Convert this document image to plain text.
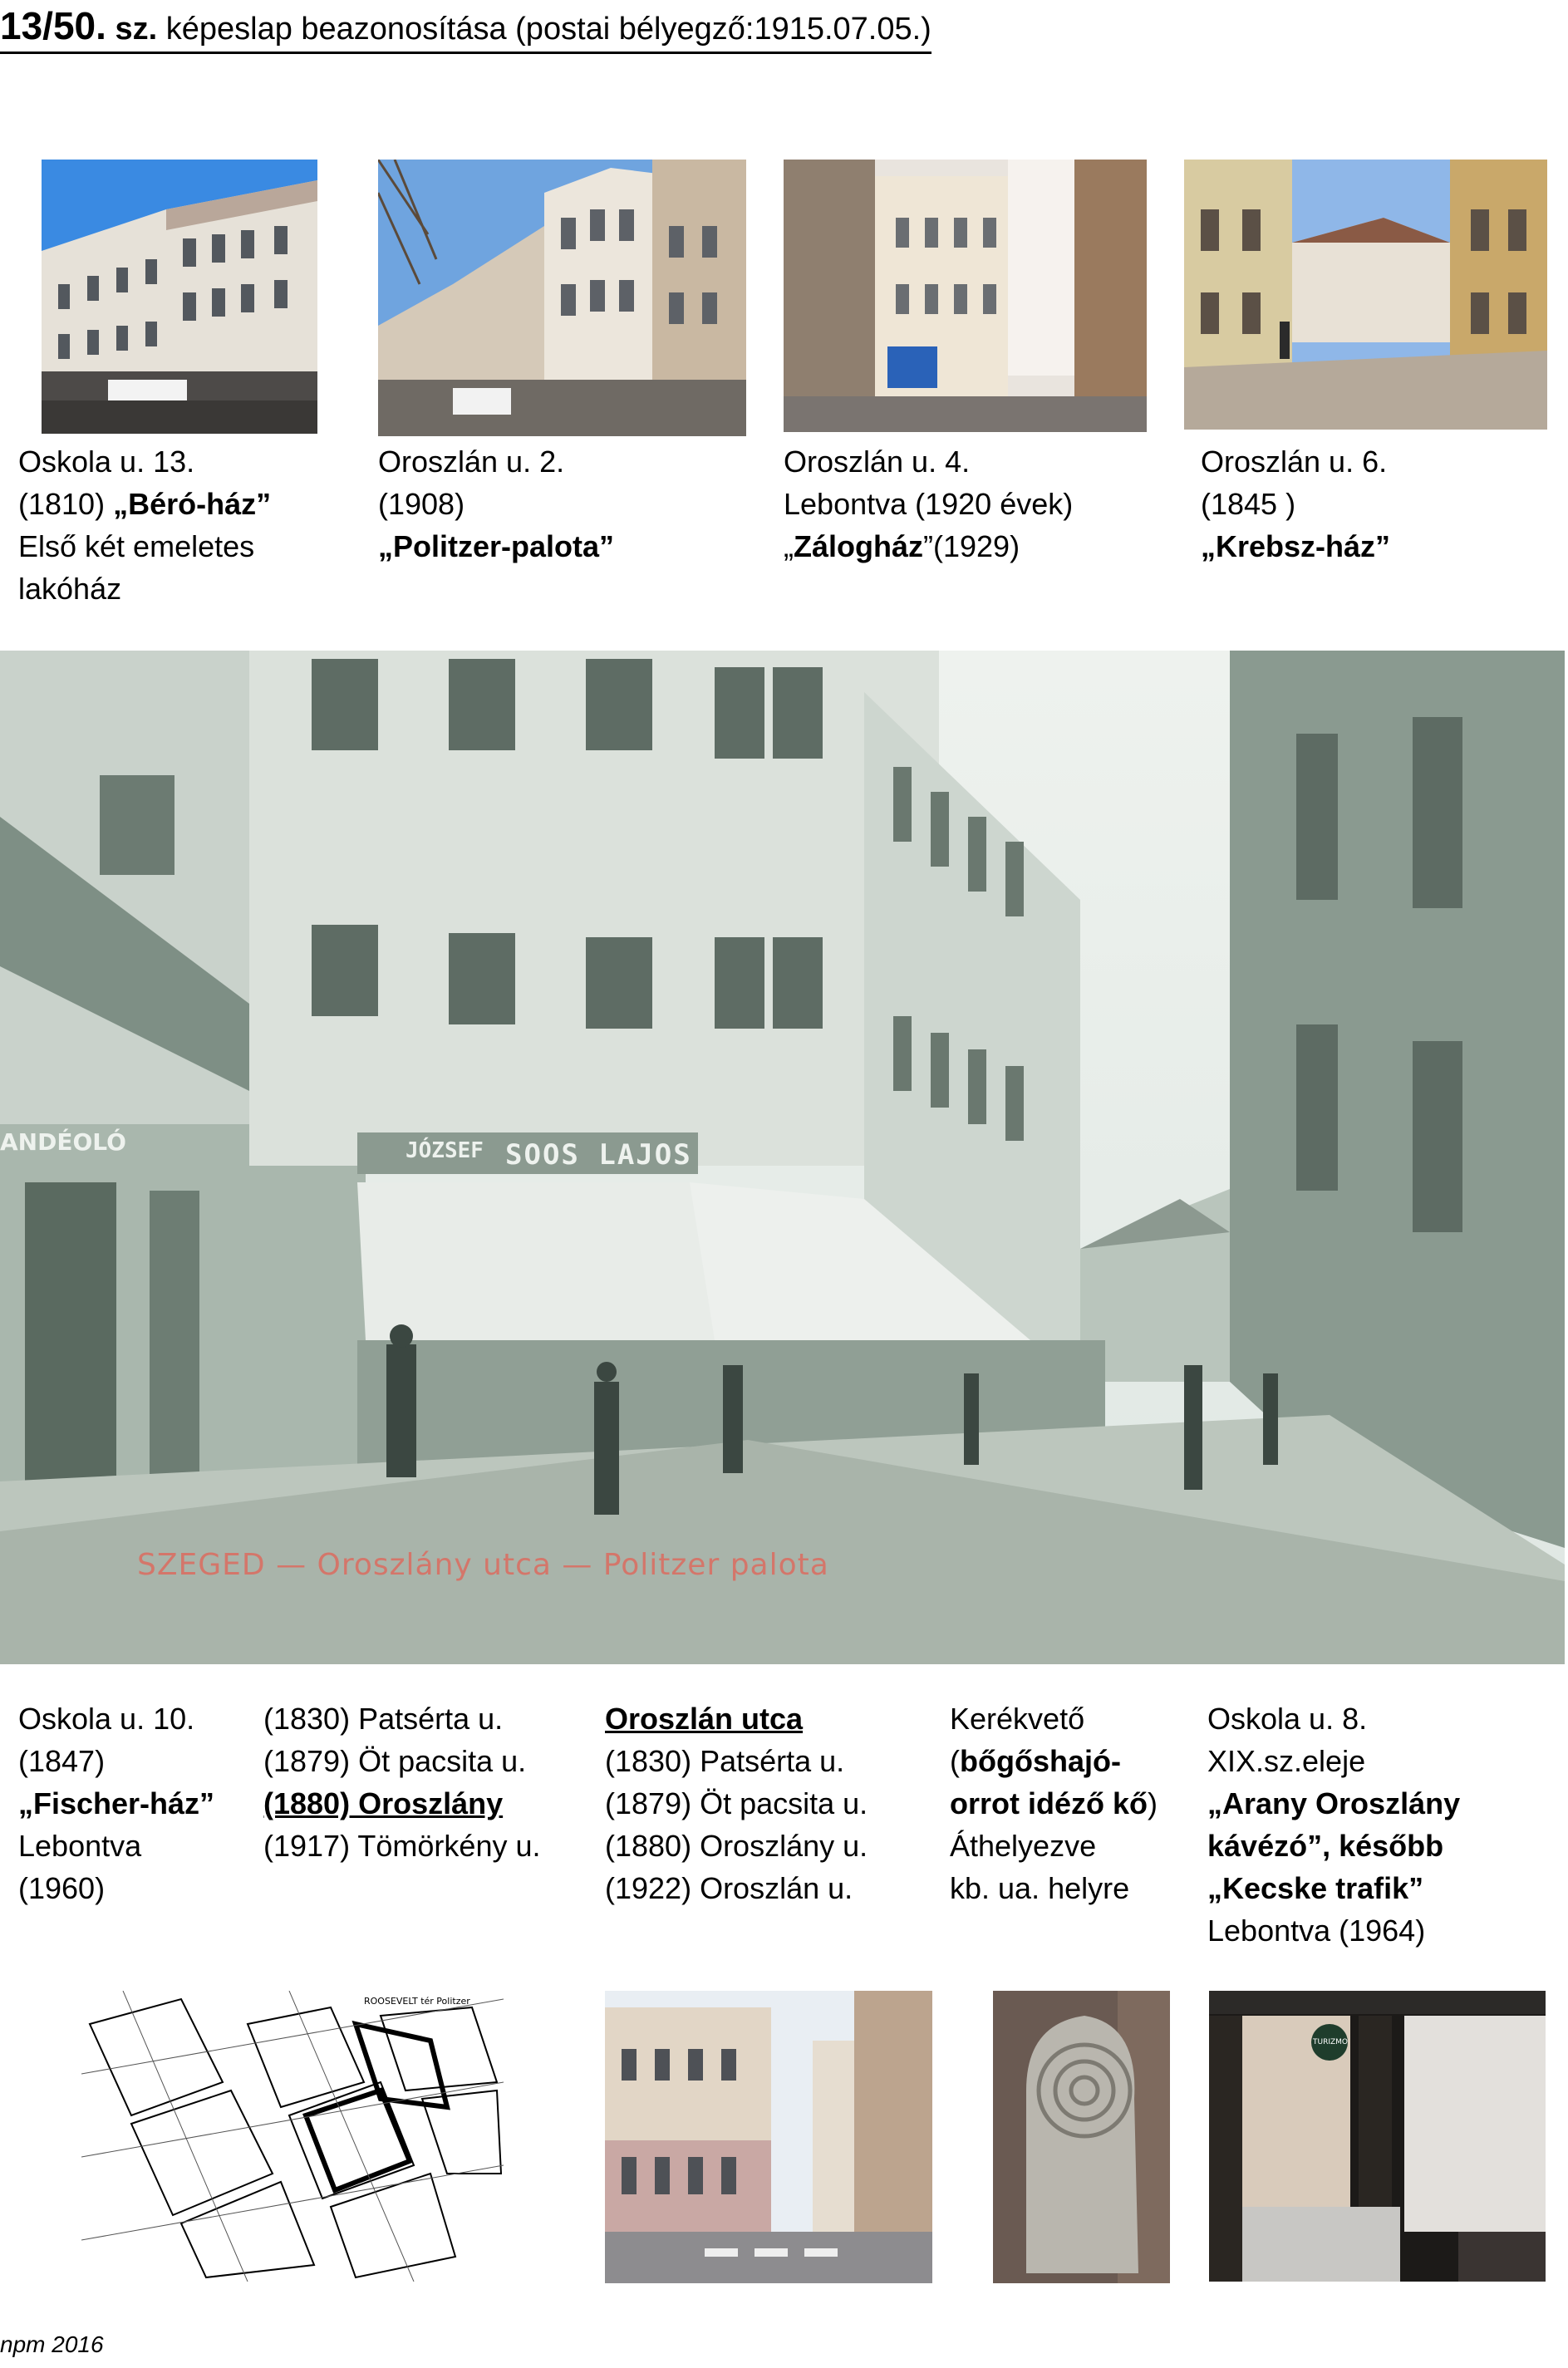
13/50. sz. képeslap beazonosítása (postai bélyegző:1915.07.05.)
Oskola u. 13.
(1810) „Béró-ház”
Első két emeletes
lakóház
Oroszlán u. 2.
(1908)
„Politzer-palota”
Oroszlán u. 4.
Lebontva (1920 évek)
„Zálogház”(1929)
Oroszlán u. 6.
(1845 )
„Krebsz-ház”
SOOS LAJOS
JÓZSEF
ANDÉOLÓ
SZEGED — Oroszlány utca — Politzer palota
Oskola u. 10.
(1847)
„Fischer-ház”
Lebontva
(1960)
(1830) Patsérta u.
(1879) Öt pacsita u.
(1880) Oroszlány
(1917) Tömörkény u.
Oroszlán utca
(1830) Patsérta u.
(1879) Öt pacsita u.
(1880) Oroszlány u.
(1922) Oroszlán u.
Kerékvető
(bőgőshajó-
orrot idéző kő)
Áthelyezve
kb. ua. helyre
Oskola u. 8.
XIX.sz.eleje
„Arany Oroszlány
kávézó”, később
„Kecske trafik”
Lebontva (1964)
ROOSEVELT tér Politzer
TURIZMO
npm 2016
